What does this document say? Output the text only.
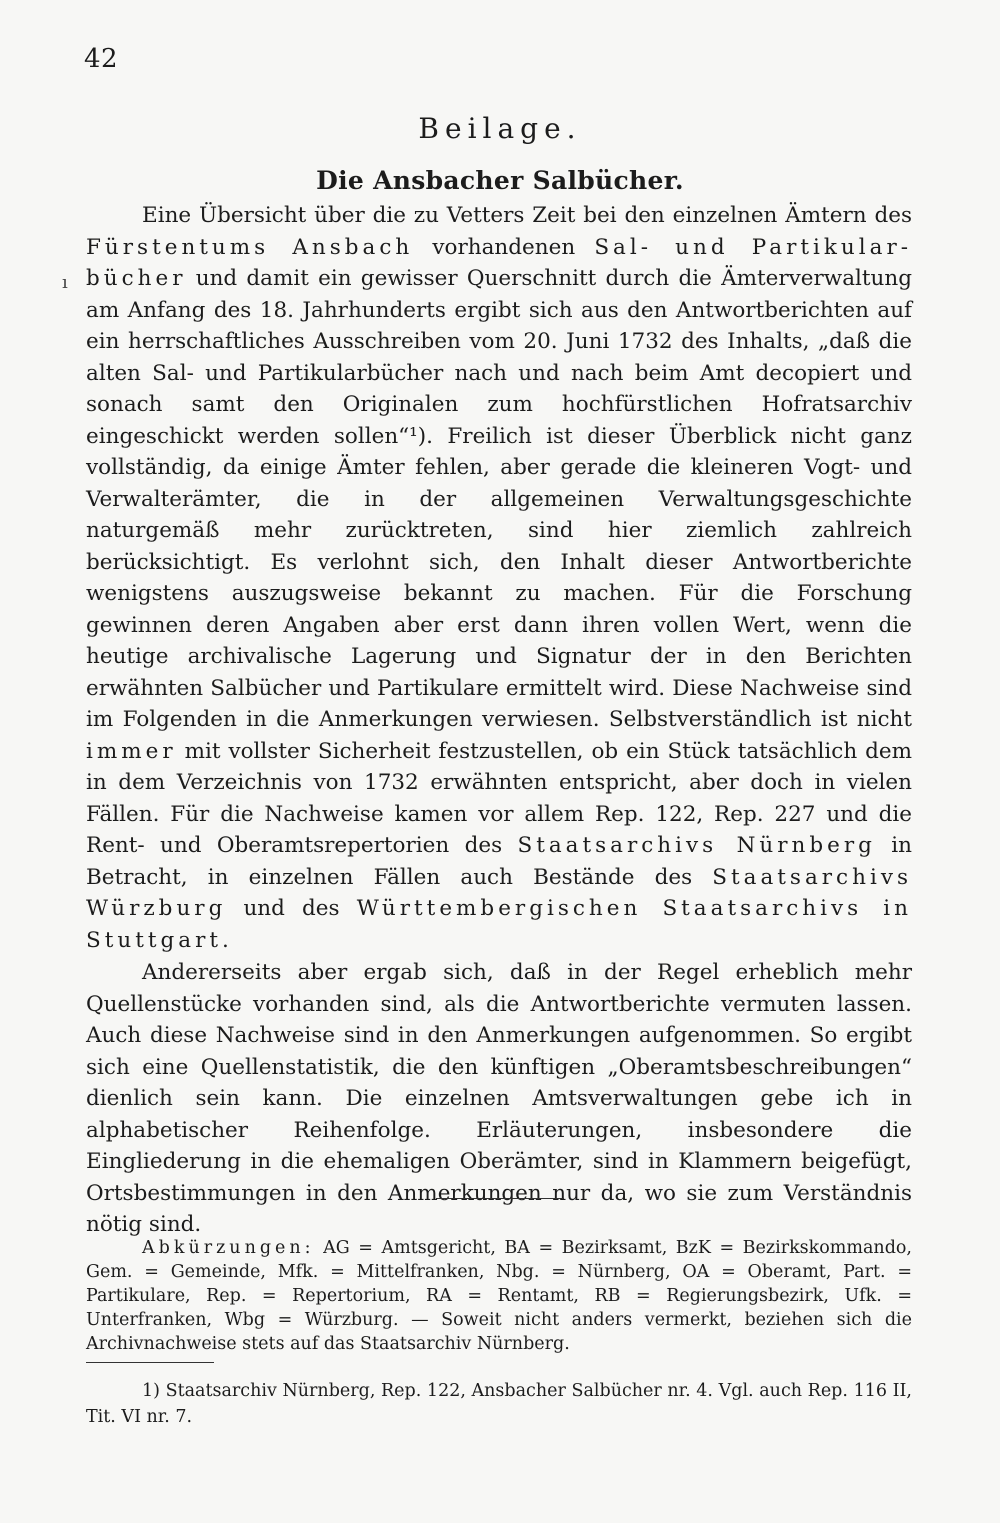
42
Beilage.
Die Ansbacher Salbücher.
ı

Eine Übersicht über die zu Vetters Zeit bei den einzelnen Ämtern des Fürstentums Ansbach vorhandenen Sal- und Partikular-bücher und damit ein gewisser Querschnitt durch die Ämterverwaltung am Anfang des 18. Jahrhunderts ergibt sich aus den Antwortberichten auf ein herrschaftliches Ausschreiben vom 20. Juni 1732 des Inhalts, „daß die alten Sal- und Partikularbücher nach und nach beim Amt decopiert und sonach samt den Originalen zum hochfürstlichen Hofratsarchiv eingeschickt werden sollen“¹). Freilich ist dieser Überblick nicht ganz vollständig, da einige Ämter fehlen, aber gerade die kleineren Vogt- und Verwalterämter, die in der allgemeinen Verwaltungsgeschichte naturgemäß mehr zurücktreten, sind hier ziemlich zahlreich berücksichtigt. Es verlohnt sich, den Inhalt dieser Antwortberichte wenigstens auszugsweise bekannt zu machen. Für die Forschung gewinnen deren Angaben aber erst dann ihren vollen Wert, wenn die heutige archivalische Lagerung und Signatur der in den Berichten erwähnten Salbücher und Partikulare ermittelt wird. Diese Nachweise sind im Folgenden in die Anmerkungen verwiesen. Selbstverständlich ist nicht immer mit vollster Sicherheit festzustellen, ob ein Stück tatsächlich dem in dem Verzeichnis von 1732 erwähnten entspricht, aber doch in vielen Fällen. Für die Nachweise kamen vor allem Rep. 122, Rep. 227 und die Rent- und Oberamtsrepertorien des Staatsarchivs Nürnberg in Betracht, in einzelnen Fällen auch Bestände des Staatsarchivs Würzburg und des Württembergischen Staatsarchivs in Stuttgart.

Andererseits aber ergab sich, daß in der Regel erheblich mehr Quellenstücke vorhanden sind, als die Antwortberichte vermuten lassen. Auch diese Nachweise sind in den Anmerkungen aufgenommen. So ergibt sich eine Quellenstatistik, die den künftigen „Oberamtsbeschreibungen“ dienlich sein kann. Die einzelnen Amtsverwaltungen gebe ich in alphabetischer Reihenfolge. Erläuterungen, insbesondere die Eingliederung in die ehemaligen Oberämter, sind in Klammern beigefügt, Ortsbestimmungen in den Anmerkungen nur da, wo sie zum Verständnis nötig sind.

Abkürzungen: AG = Amtsgericht, BA = Bezirksamt, BzK = Bezirkskommando, Gem. = Gemeinde, Mfk. = Mittelfranken, Nbg. = Nürnberg, OA = Oberamt, Part. = Partikulare, Rep. = Repertorium, RA = Rentamt, RB = Regierungsbezirk, Ufk. = Unterfranken, Wbg = Würzburg. — Soweit nicht anders vermerkt, beziehen sich die Archivnachweise stets auf das Staatsarchiv Nürnberg.

1) Staatsarchiv Nürnberg, Rep. 122, Ansbacher Salbücher nr. 4. Vgl. auch Rep. 116 II, Tit. VI nr. 7.
